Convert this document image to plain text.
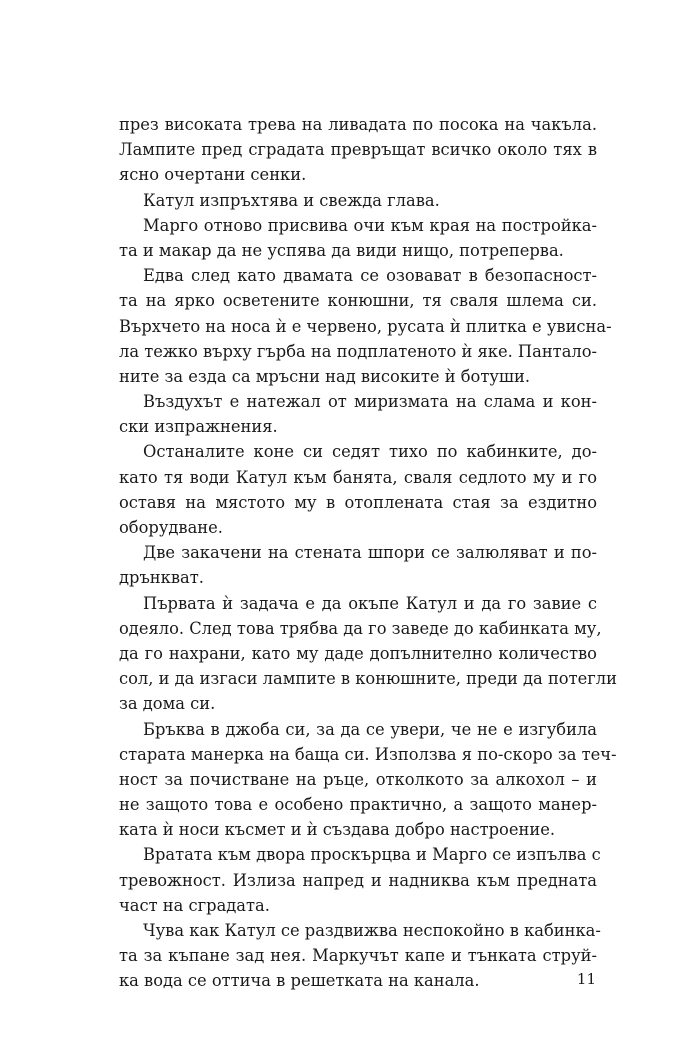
през високата трева на ливадата по посока на чакъла.
Лампите пред сградата превръщат всичко около тях в
ясно очертани сенки.
Катул изпръхтява и свежда глава.
Марго отново присвива очи към края на постройка-
та и макар да не успява да види нищо, потреперва.
Едва след като двамата се озовават в безопасност-
та на ярко осветените конюшни, тя сваля шлема си.
Върхчето на носа ѝ е червено, русата ѝ плитка е увисна-
ла тежко върху гърба на подплатеното ѝ яке. Пантало-
ните за езда са мръсни над високите ѝ ботуши.
Въздухът е натежал от миризмата на слама и кон-
ски изпражнения.
Останалите коне си седят тихо по кабинките, до-
като тя води Катул към банята, сваля седлото му и го
оставя на мястото му в отоплената стая за ездитно
оборудване.
Две закачени на стената шпори се залюляват и по-
дрънкват.
Първата ѝ задача е да окъпе Катул и да го завие с
одеяло. След това трябва да го заведе до кабинката му,
да го нахрани, като му даде допълнително количество
сол, и да изгаси лампите в конюшните, преди да потегли
за дома си.
Бръква в джоба си, за да се увери, че не е изгубила
старата манерка на баща си. Използва я по-скоро за теч-
ност за почистване на ръце, отколкото за алкохол – и
не защото това е особено практично, а защото манер-
ката ѝ носи късмет и ѝ създава добро настроение.
Вратата към двора проскърцва и Марго се изпълва с
тревожност. Излиза напред и надниква към предната
част на сградата.
Чува как Катул се раздвижва неспокойно в кабинка-
та за къпане зад нея. Маркучът капе и тънката струй-
ка вода се оттича в решетката на канала.	11
